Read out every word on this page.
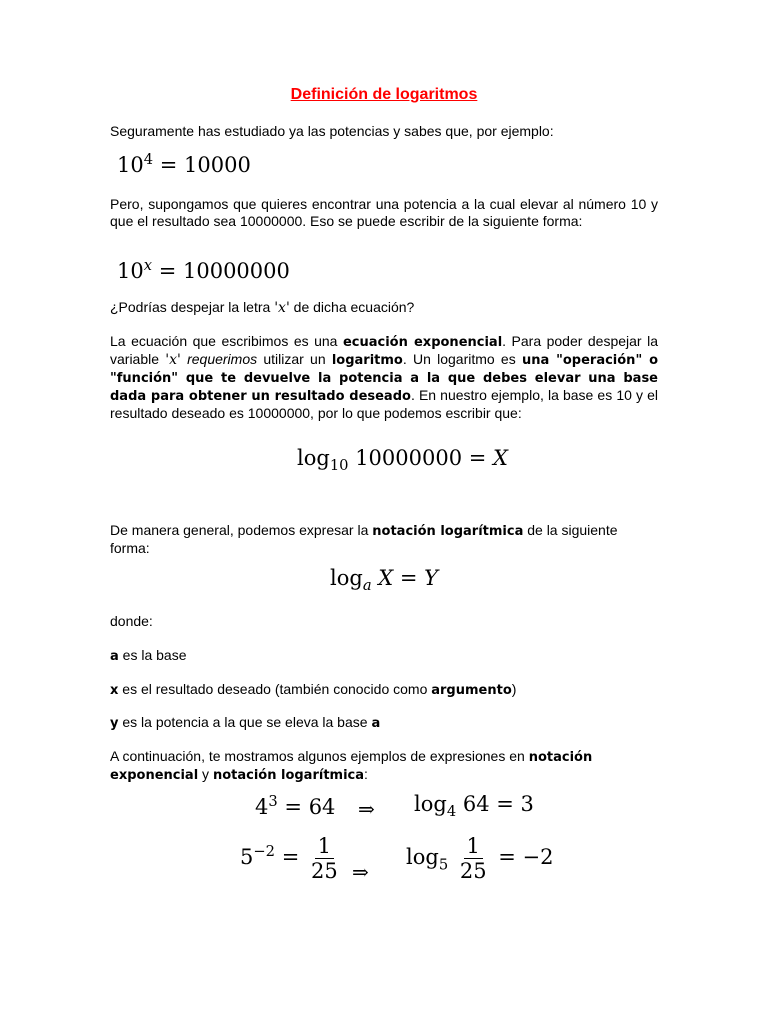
Definición de logaritmos
Seguramente has estudiado ya las potencias y sabes que, por ejemplo:
$10^4 = 10000$
Pero, supongamos que quieres encontrar una potencia a la cual elevar al número 10 y que el resultado sea 10000000. Eso se puede escribir de la siguiente forma:
$10^x = 10000000$
¿Podrías despejar la letra 'x' de dicha ecuación?
La ecuación que escribimos es una ecuación exponencial. Para poder despejar la variable 'x' requerimos utilizar un logaritmo. Un logaritmo es una "operación" o "función" que te devuelve la potencia a la que debes elevar una base dada para obtener un resultado deseado. En nuestro ejemplo, la base es 10 y el resultado deseado es 10000000, por lo que podemos escribir que:
$\log_{10} 10000000 = X$
De manera general, podemos expresar la notación logarítmica de la siguiente forma:
$\log_a X = Y$
donde:
a es la base
x es el resultado deseado (también conocido como argumento)
y es la potencia a la que se eleva la base a
A continuación, te mostramos algunos ejemplos de expresiones en notación exponencial y notación logarítmica:
$4^3 = 64$ ⇒ $\log_4 64 = 3$
$5^{-2} = \frac{1}{25}$ ⇒
$\log_5 \frac{1}{25} = -2$
